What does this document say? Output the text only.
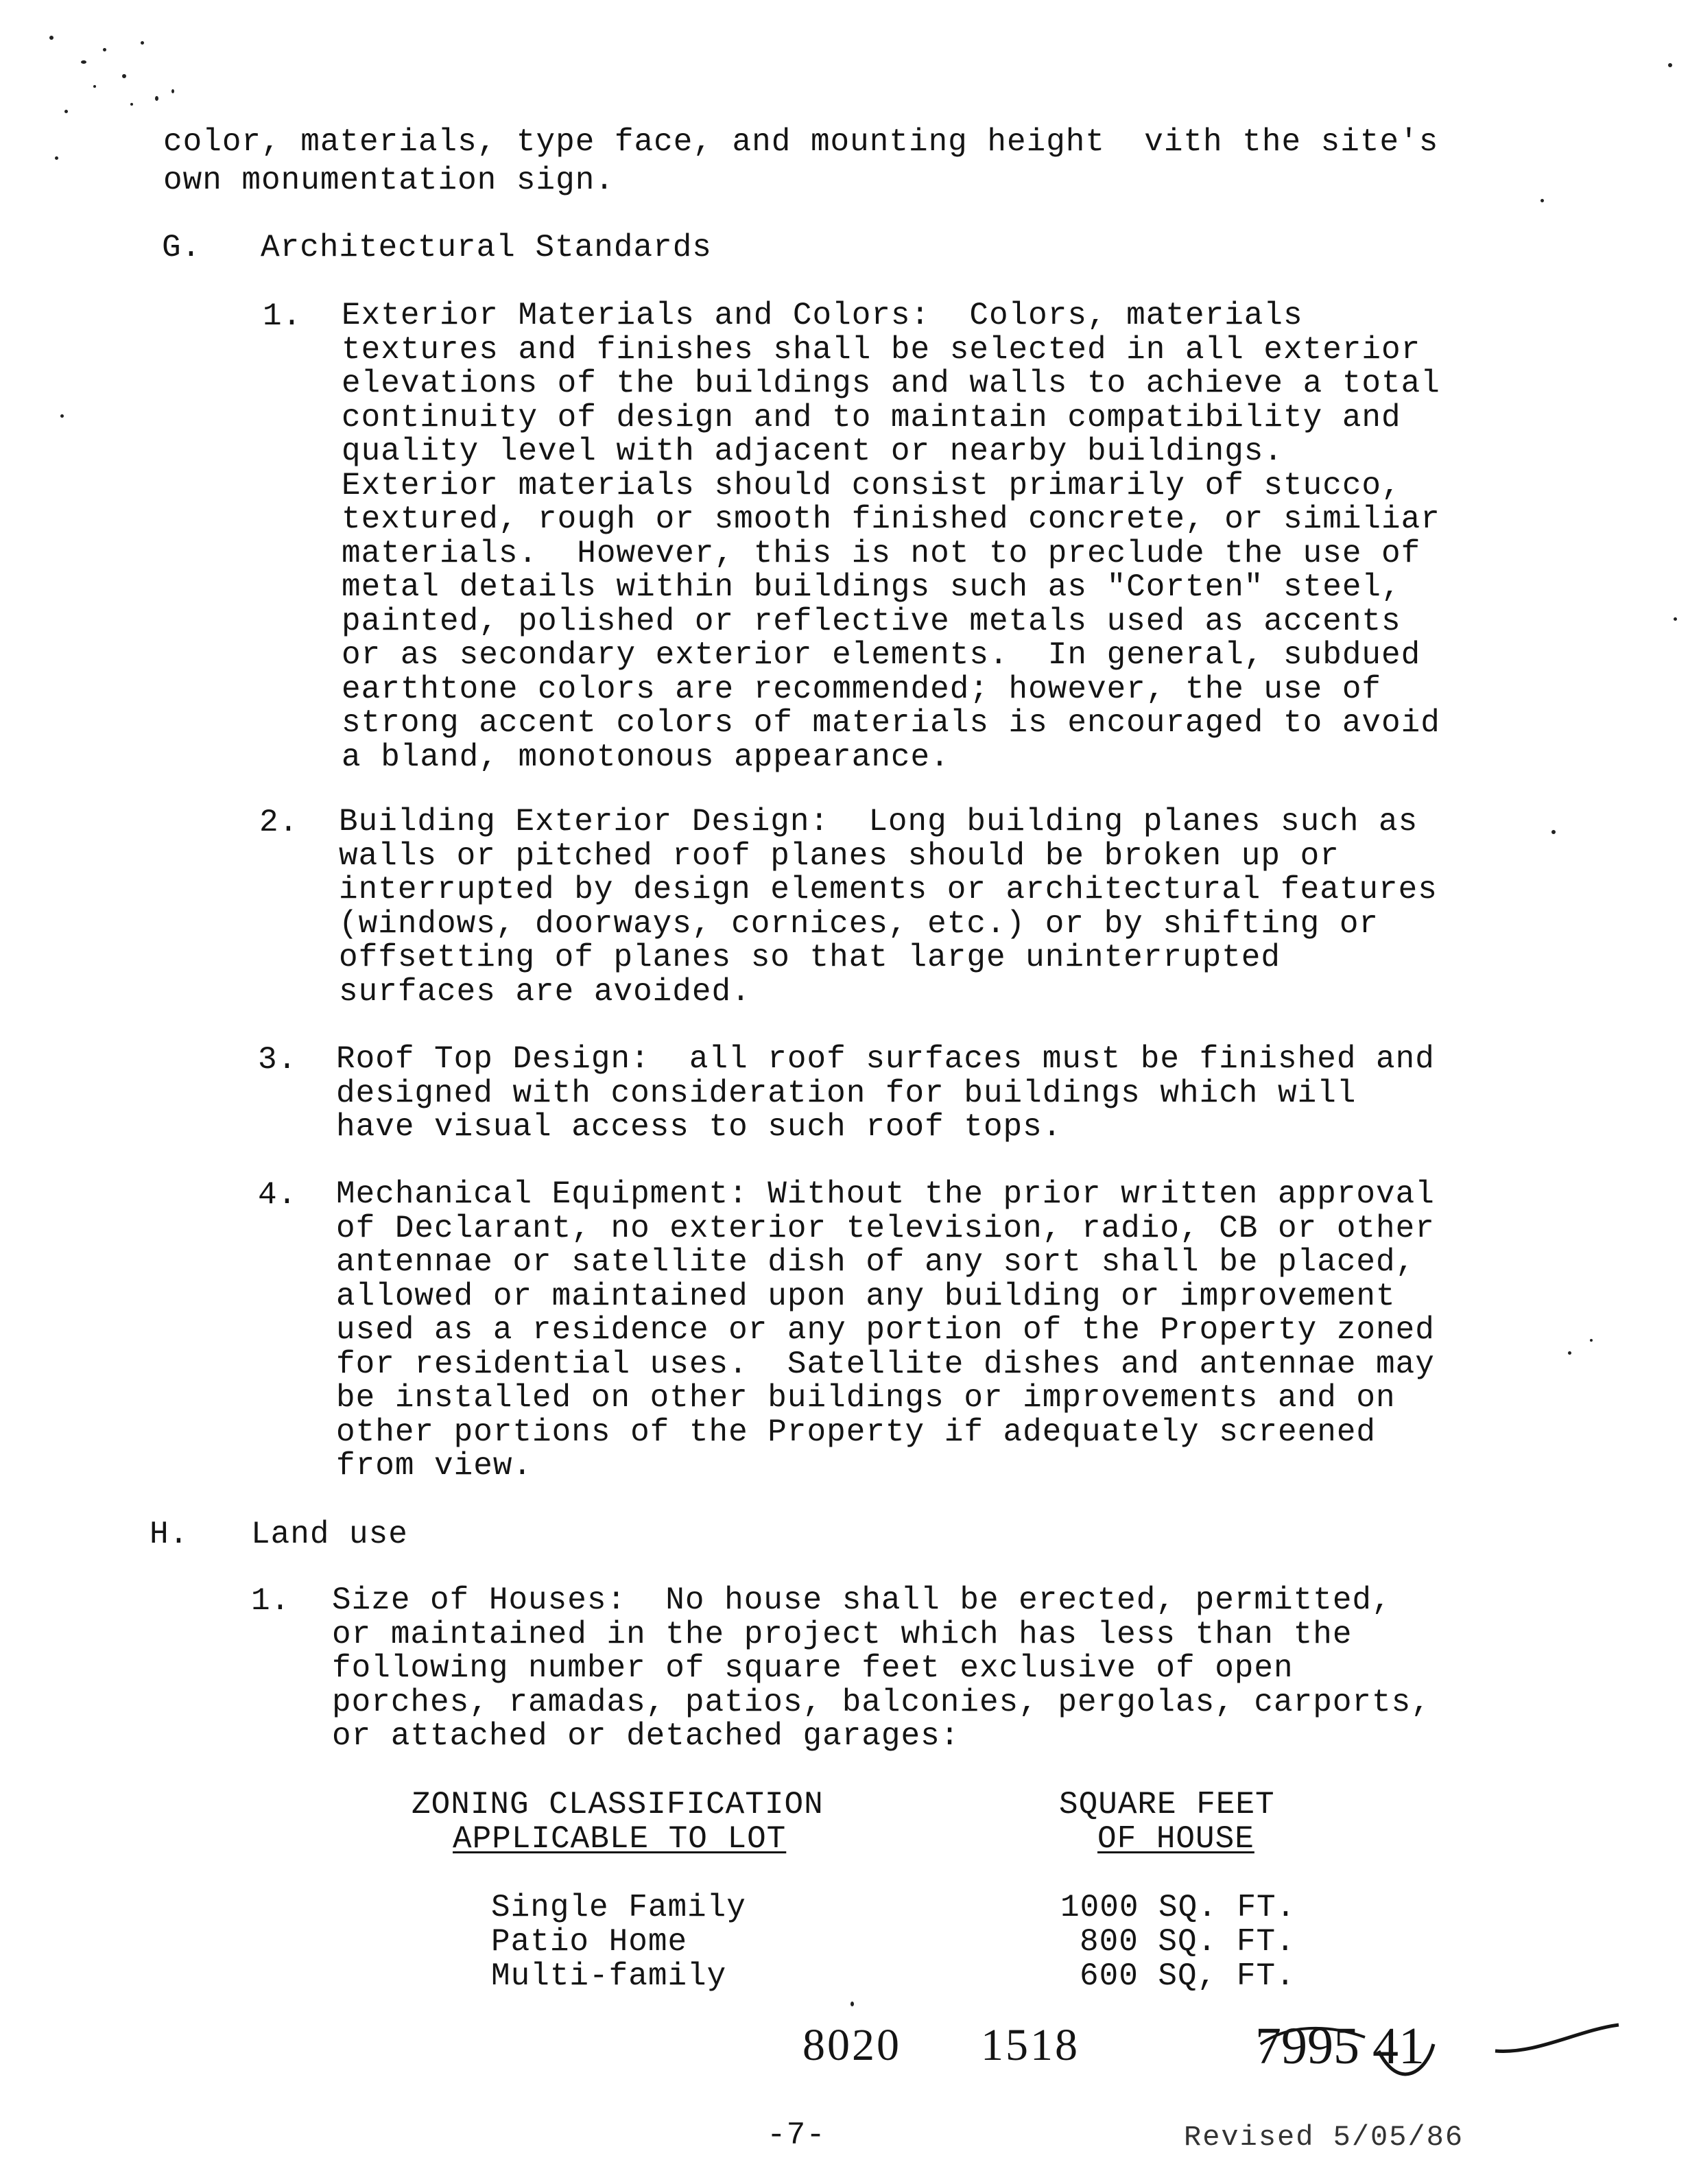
color, materials, type face, and mounting height  vith the site's
own monumentation sign.
G. Architectural Standards
1. Exterior Materials and Colors:  Colors, materials
textures and finishes shall be selected in all exterior
elevations of the buildings and walls to achieve a total
continuity of design and to maintain compatibility and
quality level with adjacent or nearby buildings.
Exterior materials should consist primarily of stucco,
textured, rough or smooth finished concrete, or similiar
materials.  However, this is not to preclude the use of
metal details within buildings such as "Corten" steel,
painted, polished or reflective metals used as accents
or as secondary exterior elements.  In general, subdued
earthtone colors are recommended; however, the use of
strong accent colors of materials is encouraged to avoid
a bland, monotonous appearance.

2. Building Exterior Design:  Long building planes such as
walls or pitched roof planes should be broken up or
interrupted by design elements or architectural features
(windows, doorways, cornices, etc.) or by shifting or
offsetting of planes so that large uninterrupted
surfaces are avoided.

3. Roof Top Design:  all roof surfaces must be finished and
designed with consideration for buildings which will
have visual access to such roof tops.

4. Mechanical Equipment: Without the prior written approval
of Declarant, no exterior television, radio, CB or other
antennae or satellite dish of any sort shall be placed,
allowed or maintained upon any building or improvement
used as a residence or any portion of the Property zoned
for residential uses.  Satellite dishes and antennae may
be installed on other buildings or improvements and on
other portions of the Property if adequately screened
from view.

H. Land use
1. Size of Houses:  No house shall be erected, permitted,
or maintained in the project which has less than the
following number of square feet exclusive of open
porches, ramadas, patios, balconies, pergolas, carports,
or attached or detached garages:

ZONING CLASSIFICATION
APPLICABLE TO LOT
SQUARE FEET
OF HOUSE
Single Family	1000 SQ. FT.
Patio Home	800 SQ. FT.
Multi-family	600 SQ, FT.
8020 1518	7995 41
-7-	Revised 5/05/86
